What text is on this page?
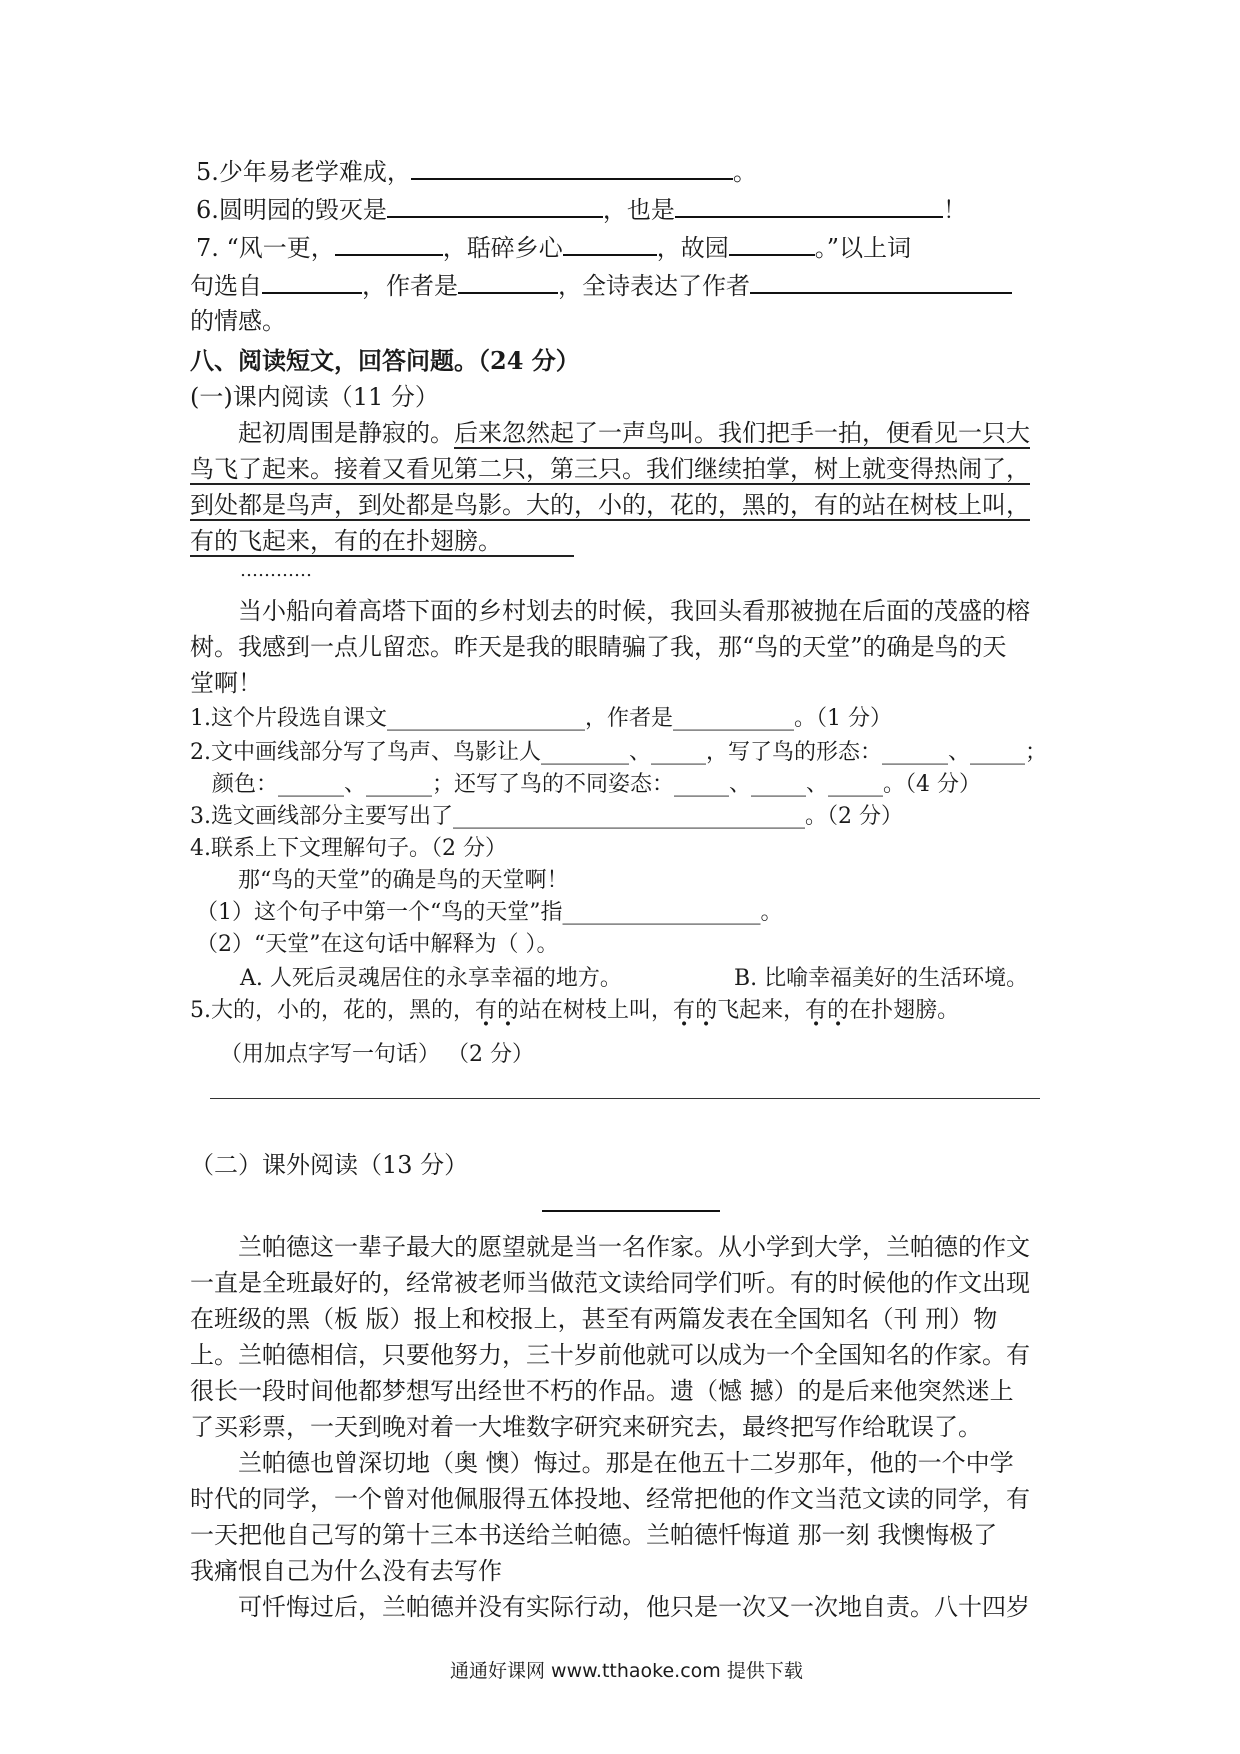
5.少年易老学难成，	。
6.圆明园的毁灭是	，也是	！
7. “风一更，	，聒碎乡心	，故园	。”以上词
句选自	，作者是	，全诗表达了作者
的情感。
八、阅读短文，回答问题。（24 分）
(一)课内阅读（11 分）
起初周围是静寂的。后来忽然起了一声鸟叫。我们把手一拍，便看见一只大
鸟飞了起来。接着又看见第二只，第三只。我们继续拍掌，树上就变得热闹了，
到处都是鸟声，到处都是鸟影。大的，小的，花的，黑的，有的站在树枝上叫，
有的飞起来，有的在扑翅膀。
…………
当小船向着高塔下面的乡村划去的时候，我回头看那被抛在后面的茂盛的榕
树。我感到一点儿留恋。昨天是我的眼睛骗了我，那“鸟的天堂”的确是鸟的天
堂啊！
1.这个片段选自课文__________________，作者是___________。（1 分）
2.文中画线部分写了鸟声、鸟影让人________、_____，写了鸟的形态：______、_____；
颜色：______、______；还写了鸟的不同姿态：_____、_____、_____。（4 分）
3.选文画线部分主要写出了________________________________。（2 分）
4.联系上下文理解句子。（2 分）
那“鸟的天堂”的确是鸟的天堂啊！
（1）这个句子中第一个“鸟的天堂”指__________________。
（2）“天堂”在这句话中解释为（ ）。
A. 人死后灵魂居住的永享幸福的地方。	B. 比喻幸福美好的生活环境。
5.大的，小的，花的，黑的，有的站在树枝上叫，有的飞起来，有的在扑翅膀。
（用加点字写一句话） （2 分）
（二）课外阅读（13 分）
兰帕德这一辈子最大的愿望就是当一名作家。从小学到大学，兰帕德的作文
一直是全班最好的，经常被老师当做范文读给同学们听。有的时候他的作文出现
在班级的黑（板 版）报上和校报上，甚至有两篇发表在全国知名（刊 刑）物
上。兰帕德相信，只要他努力，三十岁前他就可以成为一个全国知名的作家。有
很长一段时间他都梦想写出经世不朽的作品。遗（憾 撼）的是后来他突然迷上
了买彩票，一天到晚对着一大堆数字研究来研究去，最终把写作给耽误了。
兰帕德也曾深切地（奥 懊）悔过。那是在他五十二岁那年，他的一个中学
时代的同学，一个曾对他佩服得五体投地、经常把他的作文当范文读的同学，有
一天把他自己写的第十三本书送给兰帕德。兰帕德忏悔道 那一刻 我懊悔极了
我痛恨自己为什么没有去写作
可忏悔过后，兰帕德并没有实际行动，他只是一次又一次地自责。八十四岁
通通好课网 www.tthaoke.com 提供下载
